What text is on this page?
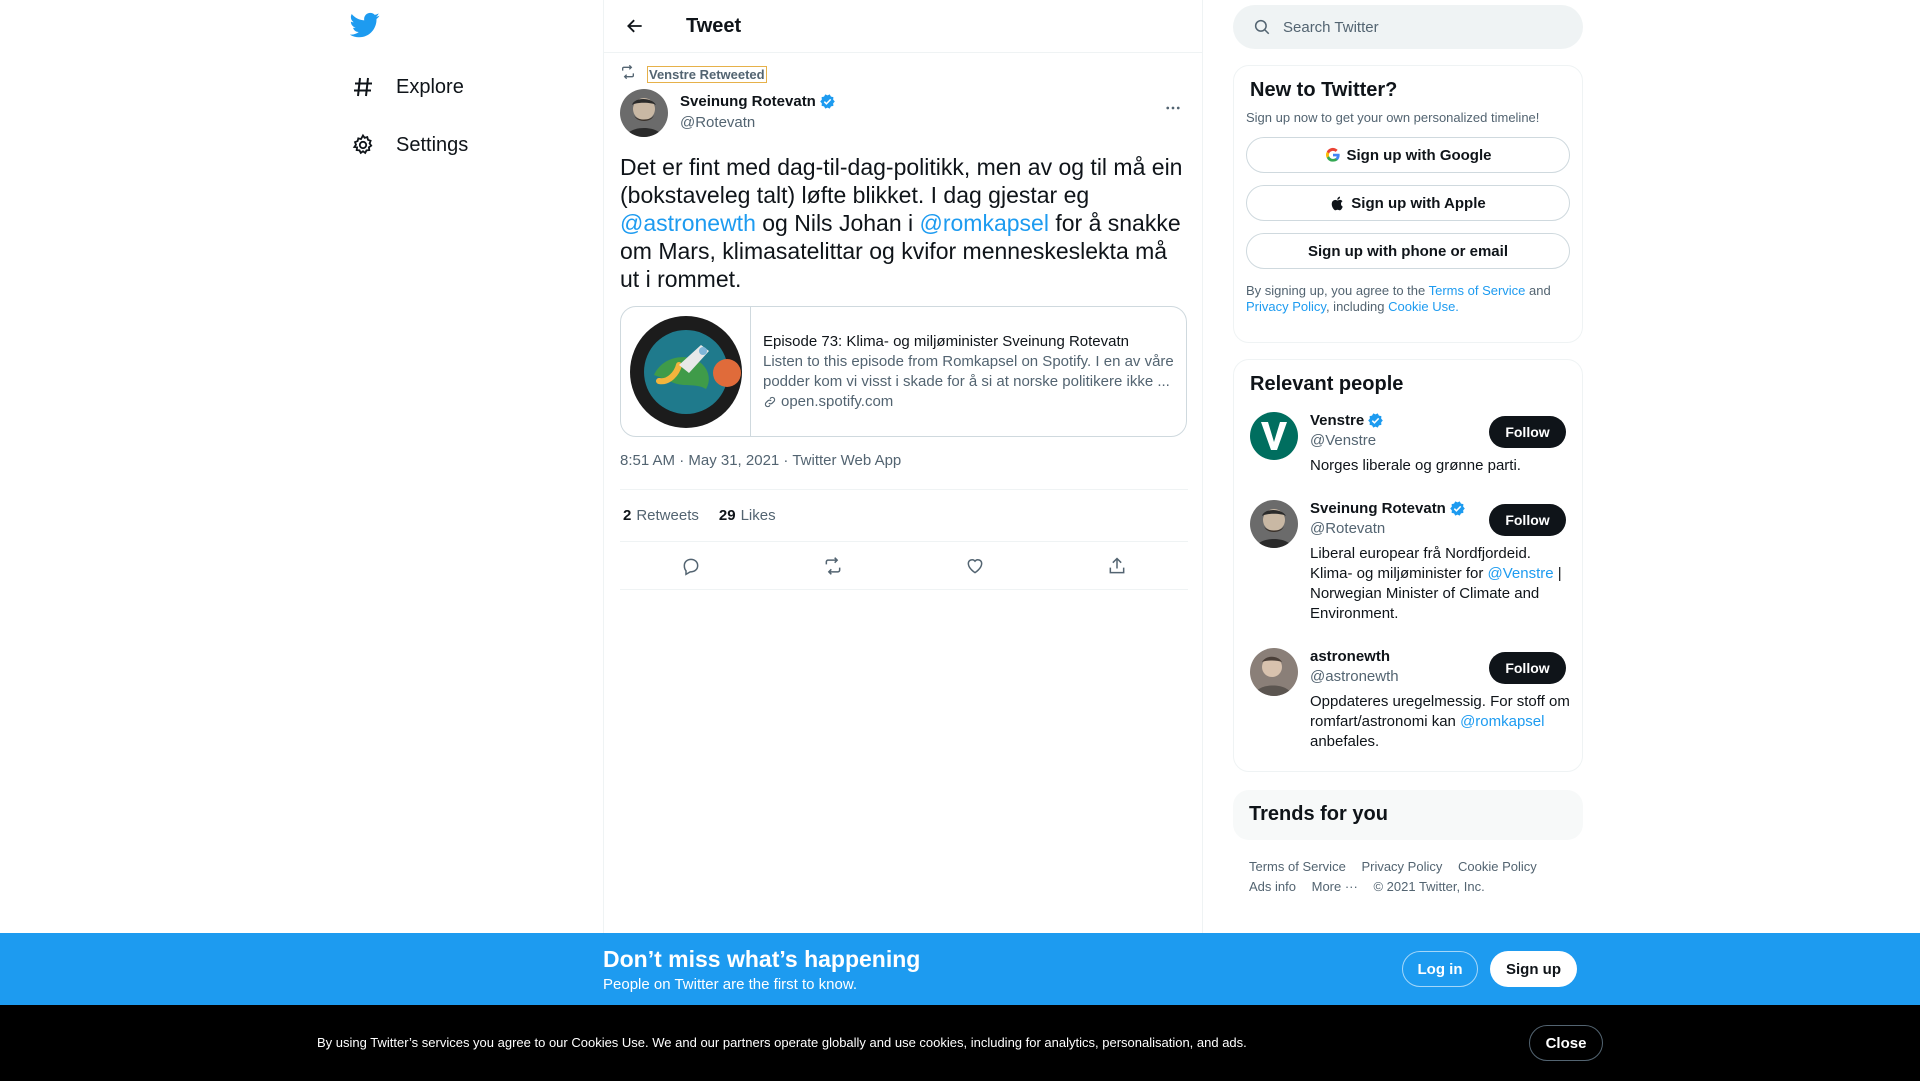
Explore
Settings
Tweet
Venstre Retweeted
Sveinung Rotevatn
@Rotevatn
Det er fint med dag-til-dag-politikk, men av og til må ein (bokstaveleg talt) løfte blikket. I dag gjestar eg @astronewth og Nils Johan i @romkapsel for å snakke om Mars, klimasatelittar og kvifor menneskeslekta må ut i rommet.
Episode 73: Klima- og miljøminister Sveinung Rotevatn
Listen to this episode from Romkapsel on Spotify. I en av våre podder kom vi visst i skade for å si at norske politikere ikke ...
open.spotify.com
8:51 AM · May 31, 2021 · Twitter Web App
2 Retweets 29 Likes
Search Twitter
New to Twitter?
Sign up now to get your own personalized timeline!
Sign up with Google
Sign up with Apple
Sign up with phone or email
By signing up, you agree to the Terms of Service and Privacy Policy, including Cookie Use.
Relevant people
Venstre
@Venstre
Norges liberale og grønne parti.
Follow
Sveinung Rotevatn
@Rotevatn
Liberal europear frå Nordfjordeid. Klima- og miljøminister for @Venstre | Norwegian Minister of Climate and Environment.
Follow
astronewth
@astronewth
Oppdateres uregelmessig. For stoff om romfart/astronomi kan @romkapsel anbefales.
Follow
Trends for you
Terms of Service Privacy Policy Cookie Policy
Ads info More ··· © 2021 Twitter, Inc.
Don’t miss what’s happening
People on Twitter are the first to know.
Log in	Sign up
By using Twitter’s services you agree to our Cookies Use. We and our partners operate globally and use cookies, including for analytics, personalisation, and ads.	Close
